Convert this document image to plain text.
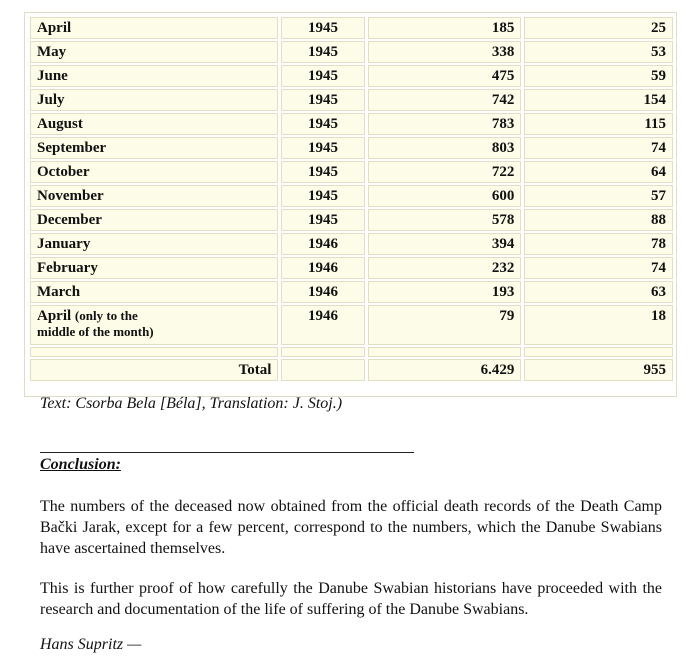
April	1945	185	25
May	1945	338	53
June	1945	475	59
July	1945	742	154
August	1945	783	115
September	1945	803	74
October	1945	722	64
November	1945	600	57
December	1945	578	88
January	1946	394	78
February	1946	232	74
March	1946	193	63
April (only to the
middle of the month)	1946	79	18

Total		6.429	955
Text: Csorba Bela [Béla], Translation: J. Stoj.)
Conclusion:

The numbers of the deceased now obtained from the official death records of the Death Camp Bački Jarak, except for a few percent, correspond to the numbers, which the Danube Swabians have ascertained themselves.

This is further proof of how carefully the Danube Swabian historians have proceeded with the research and documentation of the life of suffering of the Danube Swabians.

Hans Supritz —
